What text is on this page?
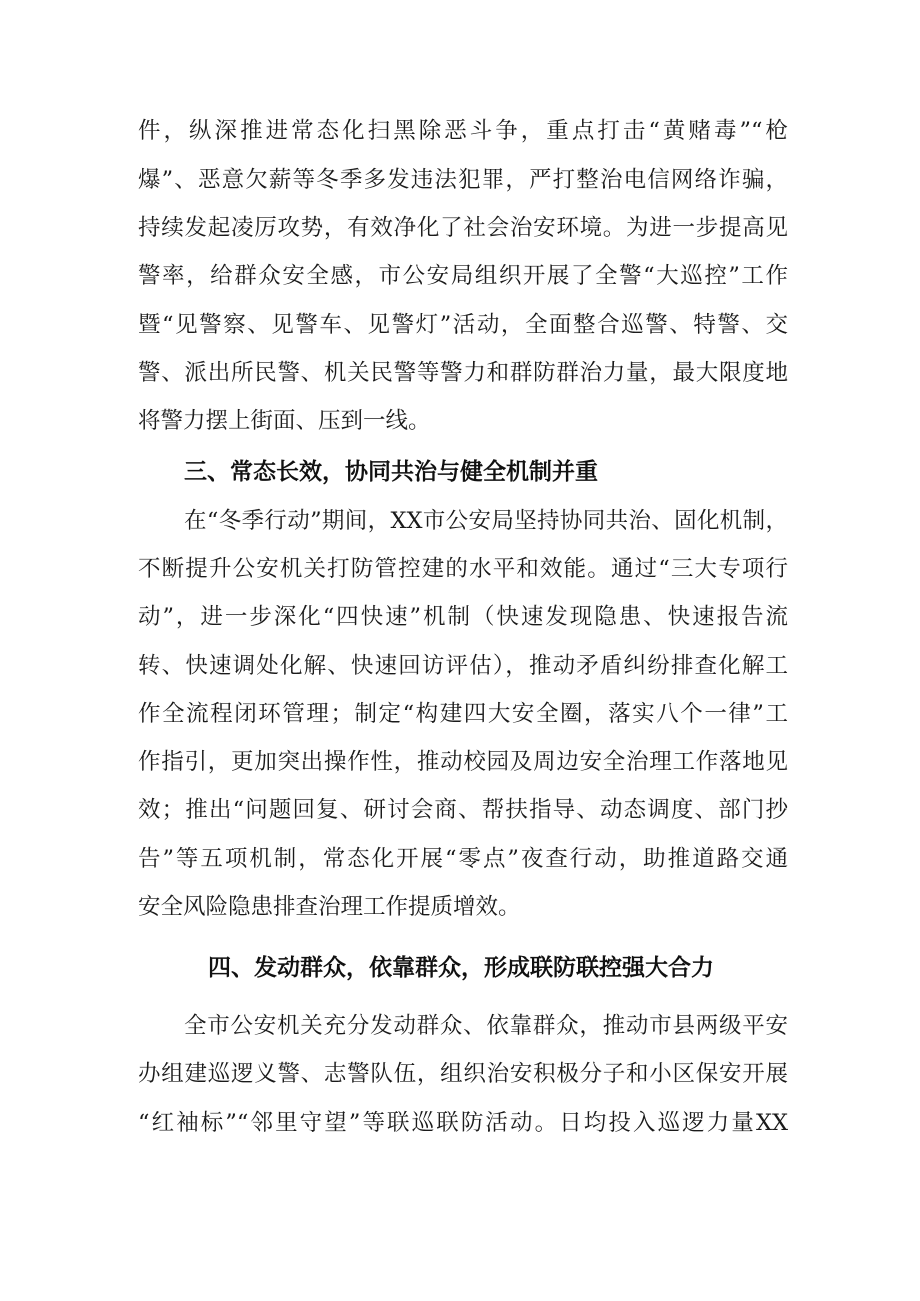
件，纵深推进常态化扫黑除恶斗争，重点打击“黄赌毒”“枪
爆”、恶意欠薪等冬季多发违法犯罪，严打整治电信网络诈骗，
持续发起凌厉攻势，有效净化了社会治安环境。为进一步提高见
警率，给群众安全感，市公安局组织开展了全警“大巡控”工作
暨“见警察、见警车、见警灯”活动，全面整合巡警、特警、交
警、派出所民警、机关民警等警力和群防群治力量，最大限度地
将警力摆上街面、压到一线。
三、常态长效，协同共治与健全机制并重
在“冬季行动”期间，XX市公安局坚持协同共治、固化机制，
不断提升公安机关打防管控建的水平和效能。通过“三大专项行
动”，进一步深化“四快速”机制（快速发现隐患、快速报告流
转、快速调处化解、快速回访评估），推动矛盾纠纷排查化解工
作全流程闭环管理；制定“构建四大安全圈，落实八个一律”工
作指引，更加突出操作性，推动校园及周边安全治理工作落地见
效；推出“问题回复、研讨会商、帮扶指导、动态调度、部门抄
告”等五项机制，常态化开展“零点”夜查行动，助推道路交通
安全风险隐患排查治理工作提质增效。
四、发动群众，依靠群众，形成联防联控强大合力
全市公安机关充分发动群众、依靠群众，推动市县两级平安
办组建巡逻义警、志警队伍，组织治安积极分子和小区保安开展
“红袖标”“邻里守望”等联巡联防活动。日均投入巡逻力量XX
